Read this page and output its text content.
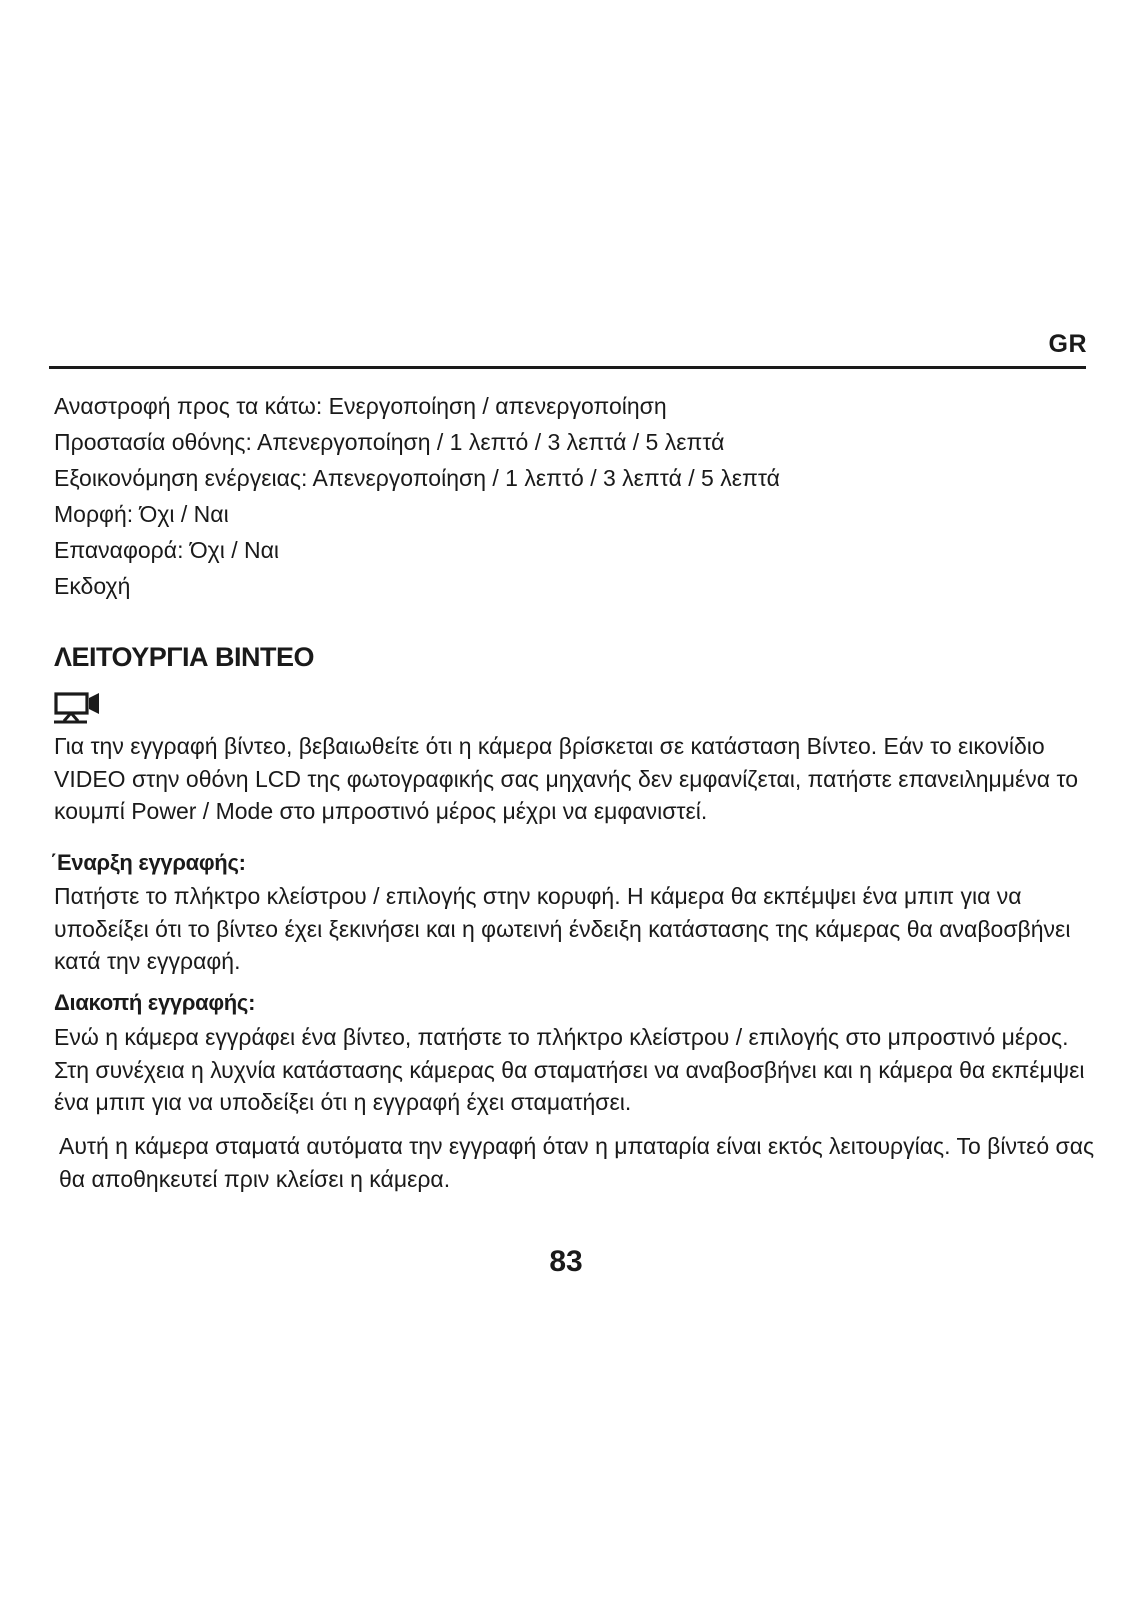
GR
Αναστροφή προς τα κάτω: Ενεργοποίηση / απενεργοποίηση
Προστασία οθόνης: Απενεργοποίηση / 1 λεπτό / 3 λεπτά / 5 λεπτά
Εξοικονόμηση ενέργειας: Απενεργοποίηση / 1 λεπτό / 3 λεπτά / 5 λεπτά
Μορφή: Όχι / Ναι
Επαναφορά: Όχι / Ναι
Εκδοχή
ΛΕΙΤΟΥΡΓΙΑ ΒΙΝΤΕΟ
Για την εγγραφή βίντεο, βεβαιωθείτε ότι η κάμερα βρίσκεται σε κατάσταση Βίντεο. Εάν το εικονίδιο VIDEO στην οθόνη LCD της φωτογραφικής σας μηχανής δεν εμφανίζεται, πατήστε επανειλημμένα το κουμπί Power / Mode στο μπροστινό μέρος μέχρι να εμφανιστεί.
΄Εναρξη εγγραφής:
Πατήστε το πλήκτρο κλείστρου / επιλογής στην κορυφή. Η κάμερα θα εκπέμψει ένα μπιπ για να υποδείξει ότι το βίντεο έχει ξεκινήσει και η φωτεινή ένδειξη κατάστασης της κάμερας θα αναβοσβήνει κατά την εγγραφή.
Διακοπή εγγραφής:
Ενώ η κάμερα εγγράφει ένα βίντεο, πατήστε το πλήκτρο κλείστρου / επιλογής στο μπροστινό μέρος. Στη συνέχεια η λυχνία κατάστασης κάμερας θα σταματήσει να αναβοσβήνει και η κάμερα θα εκπέμψει ένα μπιπ για να υποδείξει ότι η εγγραφή έχει σταματήσει.
Αυτή η κάμερα σταματά αυτόματα την εγγραφή όταν η μπαταρία είναι εκτός λειτουργίας. Το βίντεό σας θα αποθηκευτεί πριν κλείσει η κάμερα.
83
